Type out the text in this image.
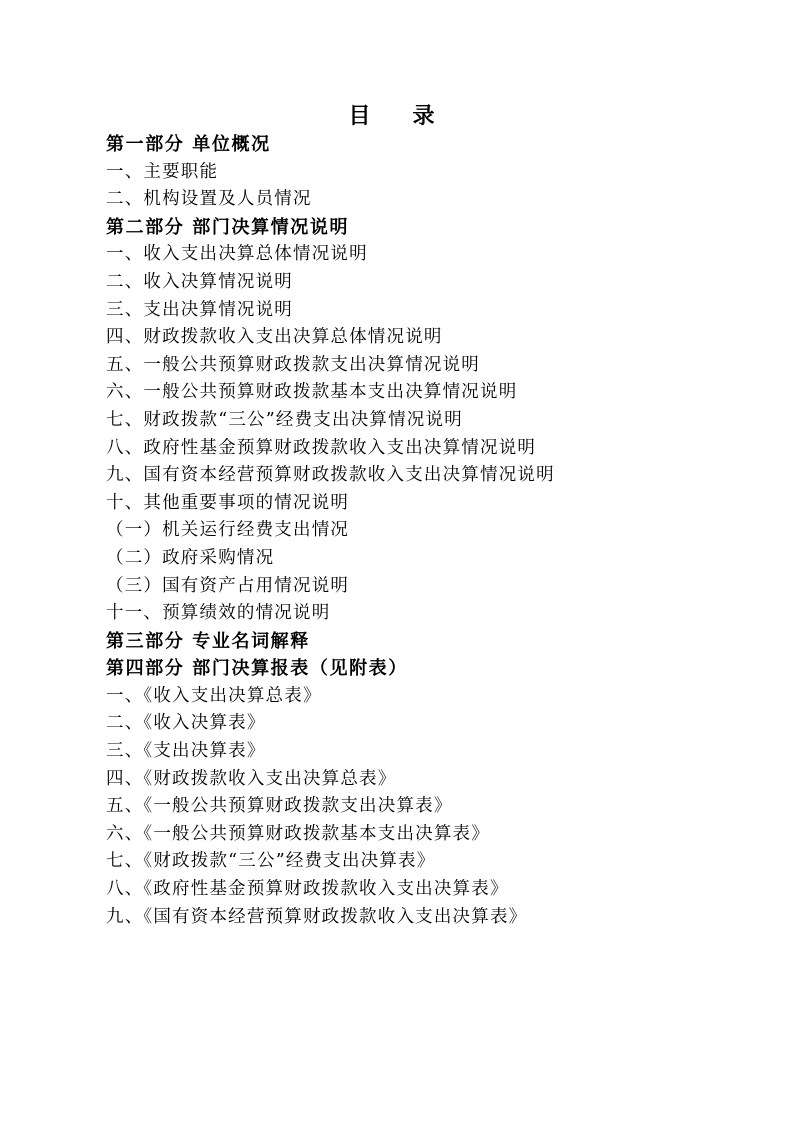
目　录
第一部分 单位概况
一、主要职能
二、机构设置及人员情况
第二部分 部门决算情况说明
一、收入支出决算总体情况说明
二、收入决算情况说明
三、支出决算情况说明
四、财政拨款收入支出决算总体情况说明
五、一般公共预算财政拨款支出决算情况说明
六、一般公共预算财政拨款基本支出决算情况说明
七、财政拨款“三公”经费支出决算情况说明
八、政府性基金预算财政拨款收入支出决算情况说明
九、国有资本经营预算财政拨款收入支出决算情况说明
十、其他重要事项的情况说明
（一）机关运行经费支出情况
（二）政府采购情况
（三）国有资产占用情况说明
十一、预算绩效的情况说明
第三部分 专业名词解释
第四部分 部门决算报表（见附表）
一、《收入支出决算总表》
二、《收入决算表》
三、《支出决算表》
四、《财政拨款收入支出决算总表》
五、《一般公共预算财政拨款支出决算表》
六、《一般公共预算财政拨款基本支出决算表》
七、《财政拨款“三公”经费支出决算表》
八、《政府性基金预算财政拨款收入支出决算表》
九、《国有资本经营预算财政拨款收入支出决算表》
